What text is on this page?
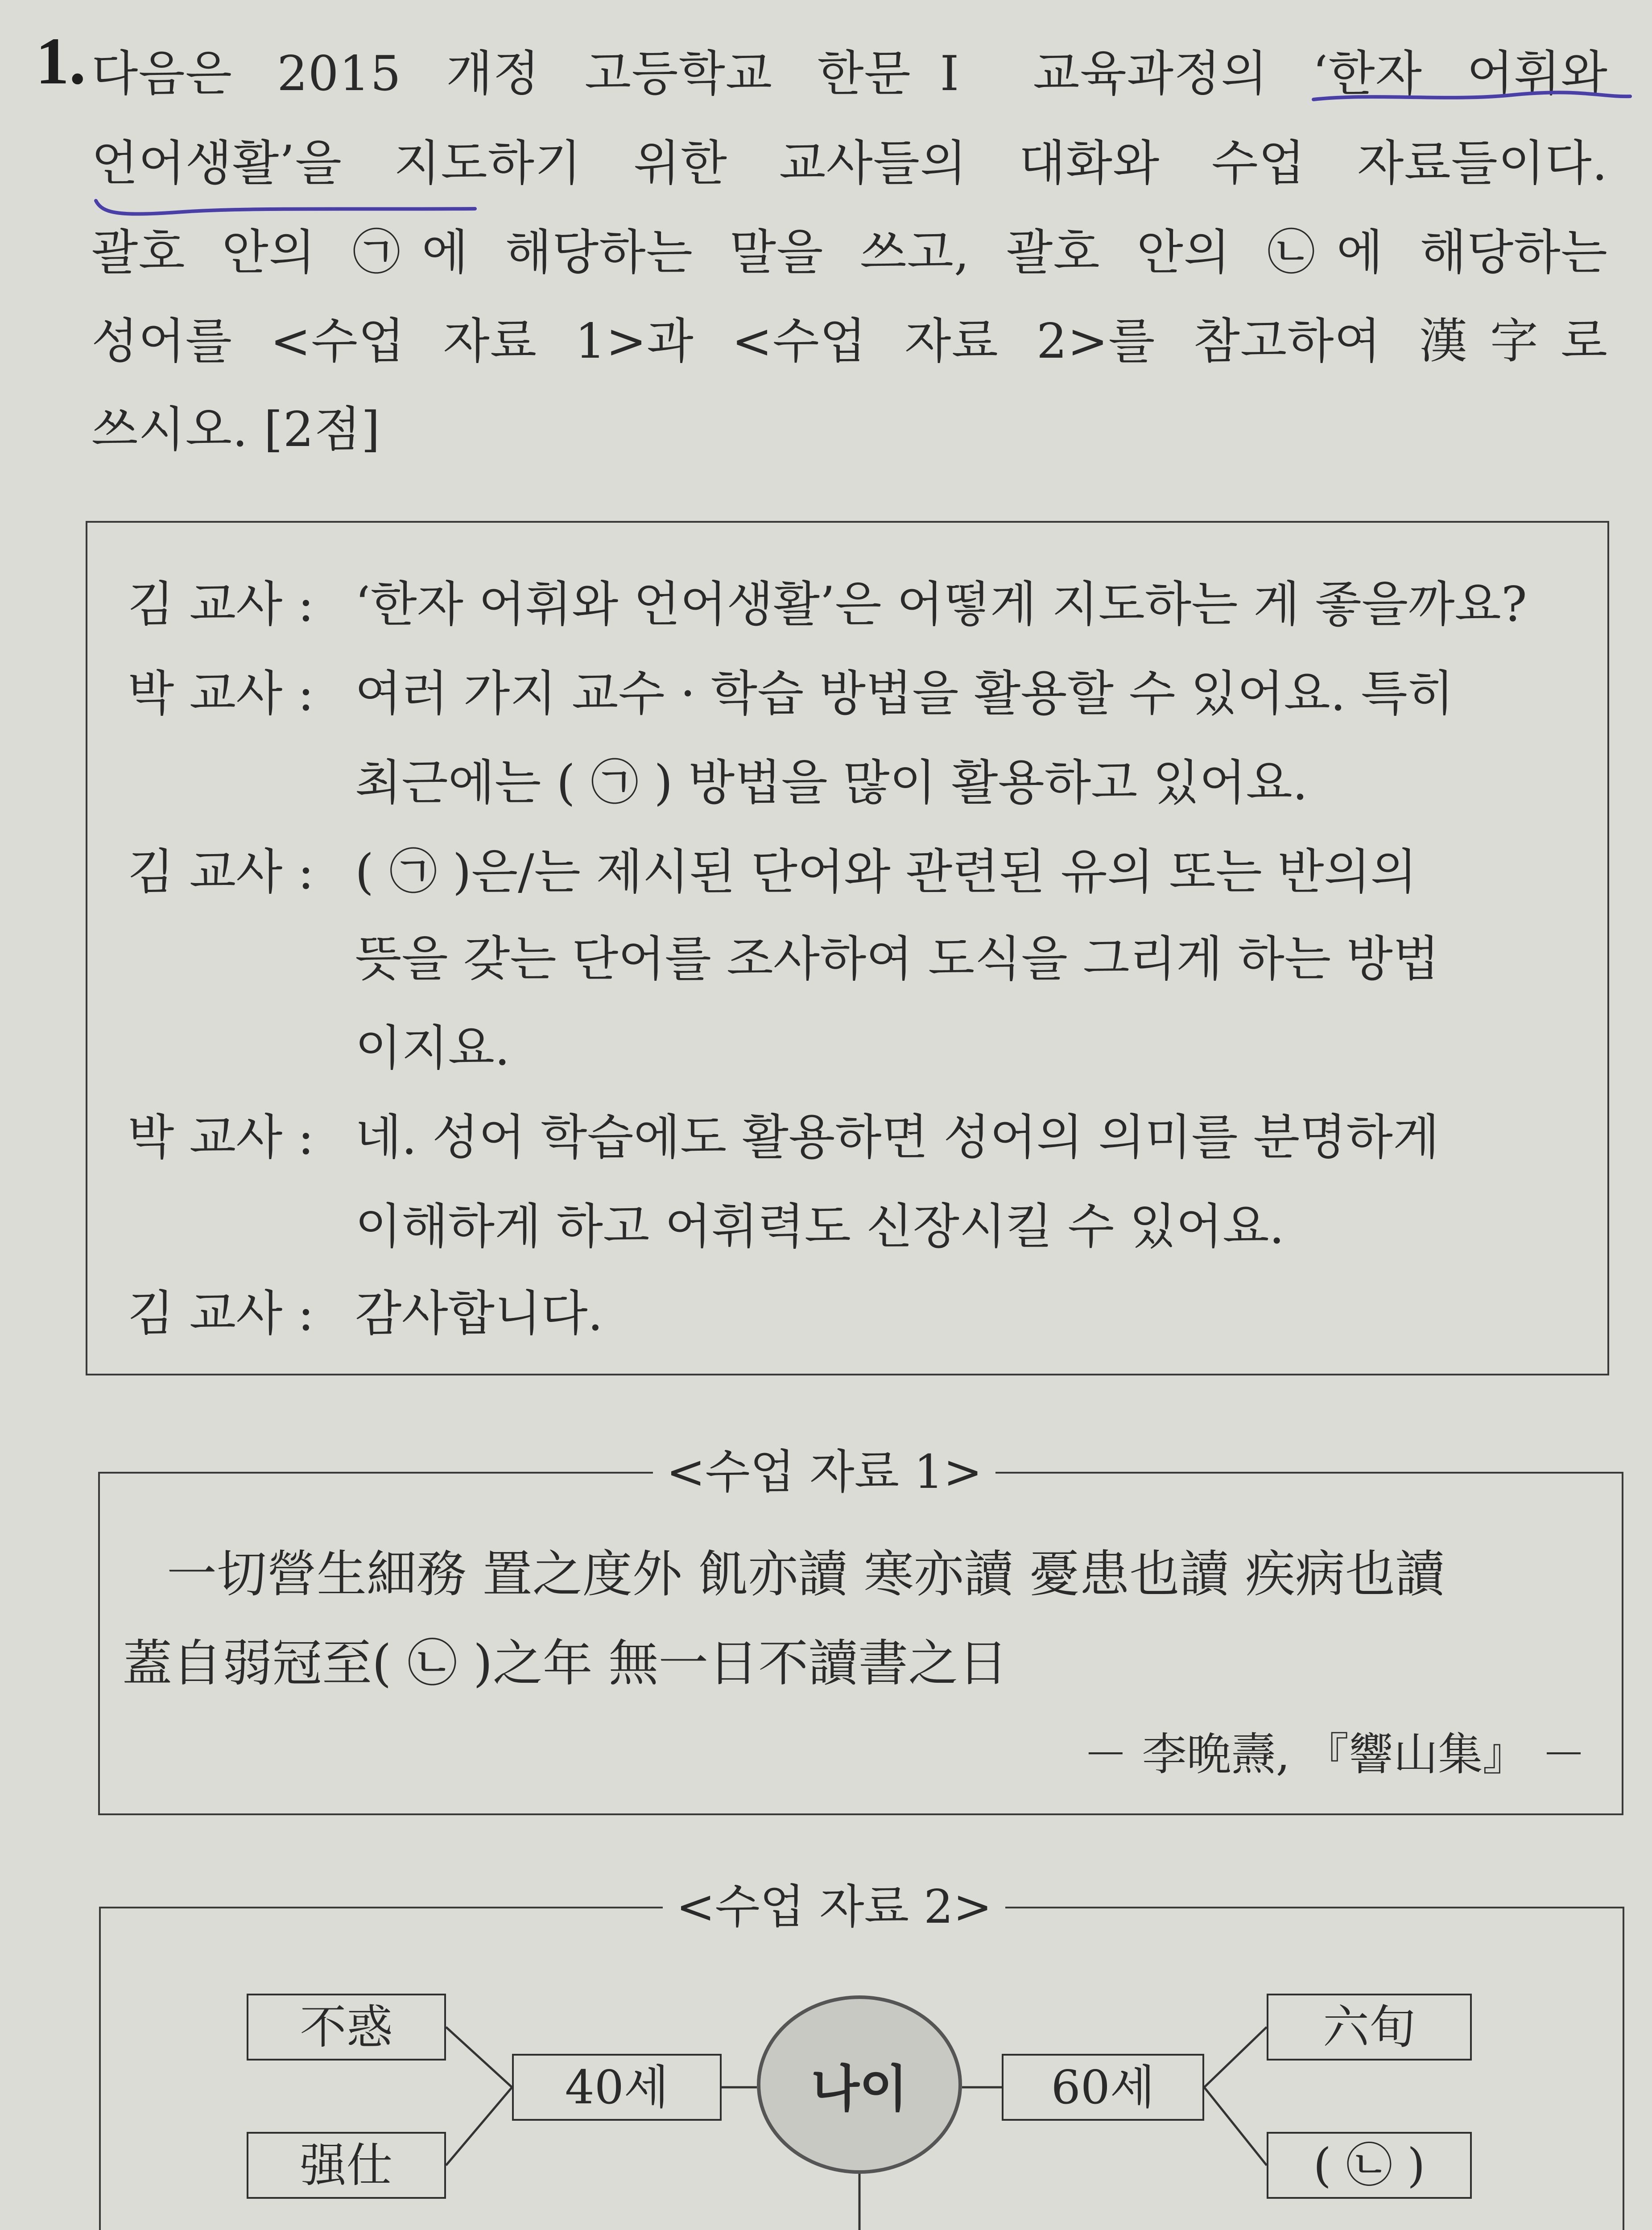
1. 다음은 2015 개정 고등학교 한문Ⅰ 교육과정의 ‘한자 어휘와
언어생활’을 지도하기 위한 교사들의 대화와 수업 자료들이다.
괄호 안의 ㉠에 해당하는 말을 쓰고, 괄호 안의 ㉡에 해당하는
성어를 <수업 자료 1>과 <수업 자료 2>를 참고하여 漢字로
쓰시오. [2점]
김 교사 : ‘한자 어휘와 언어생활’은 어떻게 지도하는 게 좋을까요?
박 교사 : 여러 가지 교수 · 학습 방법을 활용할 수 있어요. 특히
최근에는 ( ㉠ ) 방법을 많이 활용하고 있어요.
김 교사 : ( ㉠ )은/는 제시된 단어와 관련된 유의 또는 반의의
뜻을 갖는 단어를 조사하여 도식을 그리게 하는 방법
이지요.
박 교사 : 네. 성어 학습에도 활용하면 성어의 의미를 분명하게
이해하게 하고 어휘력도 신장시킬 수 있어요.
김 교사 : 감사합니다.
<수업 자료 1>
一切營生細務 置之度外 飢亦讀 寒亦讀 憂患也讀 疾病也讀
蓋自弱冠至( ㉡ )之年 無一日不讀書之日
－ 李晩燾, 『響山集』 －
<수업 자료 2>
不惑
强仕
40세	나이	60세
六旬
( ㉡ )
